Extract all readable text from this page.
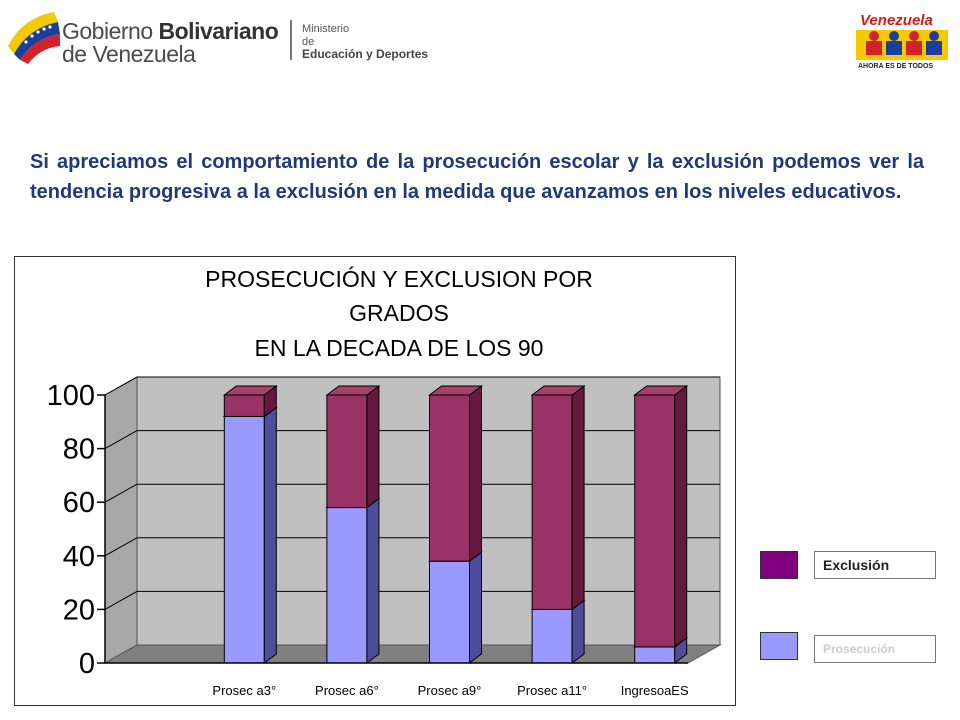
Gobierno Bolivariano
de Venezuela
Ministerio
de
Educación y Deportes
Venezuela
AHORA ES DE TODOS
Si apreciamos el comportamiento de la prosecución escolar y la exclusión podemos ver la tendencia progresiva a la exclusión en la medida que avanzamos en los niveles educativos.
PROSECUCIÓN Y EXCLUSION POR
GRADOS
EN LA DECADA DE LOS 90
Prosec a3°	Prosec a6°	Prosec a9°	Prosec a11°	IngresoaES
0
20
40
60
80
100
Exclusión
Prosecución
